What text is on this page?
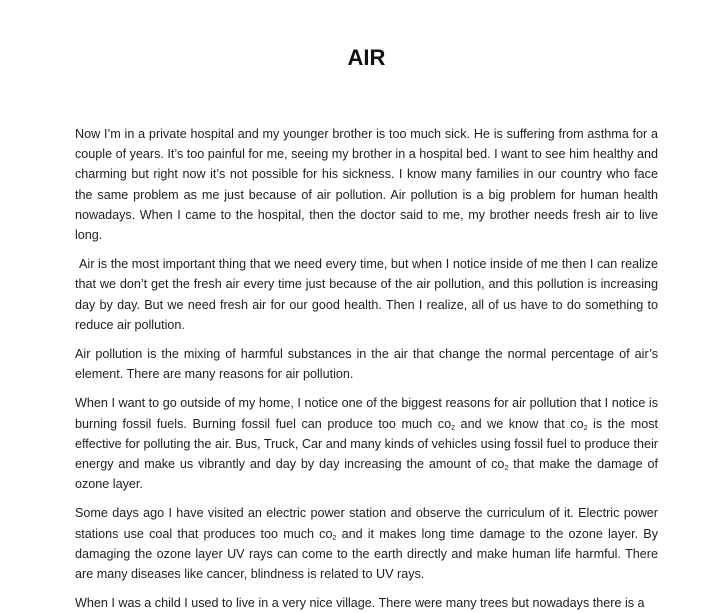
AIR

Now I’m in a private hospital and my younger brother is too much sick. He is suffering from asthma for a couple of years. It’s too painful for me, seeing my brother in a hospital bed. I want to see him healthy and charming but right now it’s not possible for his sickness. I know many families in our country who face the same problem as me just because of air pollution. Air pollution is a big problem for human health nowadays. When I came to the hospital, then the doctor said to me, my brother needs fresh air to live long.

Air is the most important thing that we need every time, but when I notice inside of me then I can realize that we don’t get the fresh air every time just because of the air pollution, and this pollution is increasing day by day. But we need fresh air for our good health. Then I realize, all of us have to do something to reduce air pollution.

Air pollution is the mixing of harmful substances in the air that change the normal percentage of air’s element. There are many reasons for air pollution.

When I want to go outside of my home, I notice one of the biggest reasons for air pollution that I notice is burning fossil fuels. Burning fossil fuel can produce too much $co_2$ and we know that $co_2$ is the most effective for polluting the air. Bus, Truck, Car and many kinds of vehicles using fossil fuel to produce their energy and make us vibrantly and day by day increasing the amount of $co_2$ that make the damage of ozone layer.

Some days ago I have visited an electric power station and observe the curriculum of it. Electric power stations use coal that produces too much $co_2$ and it makes long time damage to the ozone layer. By damaging the ozone layer UV rays can come to the earth directly and make human life harmful. There are many diseases like cancer, blindness is related to UV rays.

When I was a child I used to live in a very nice village. There were many trees but nowadays there is a
